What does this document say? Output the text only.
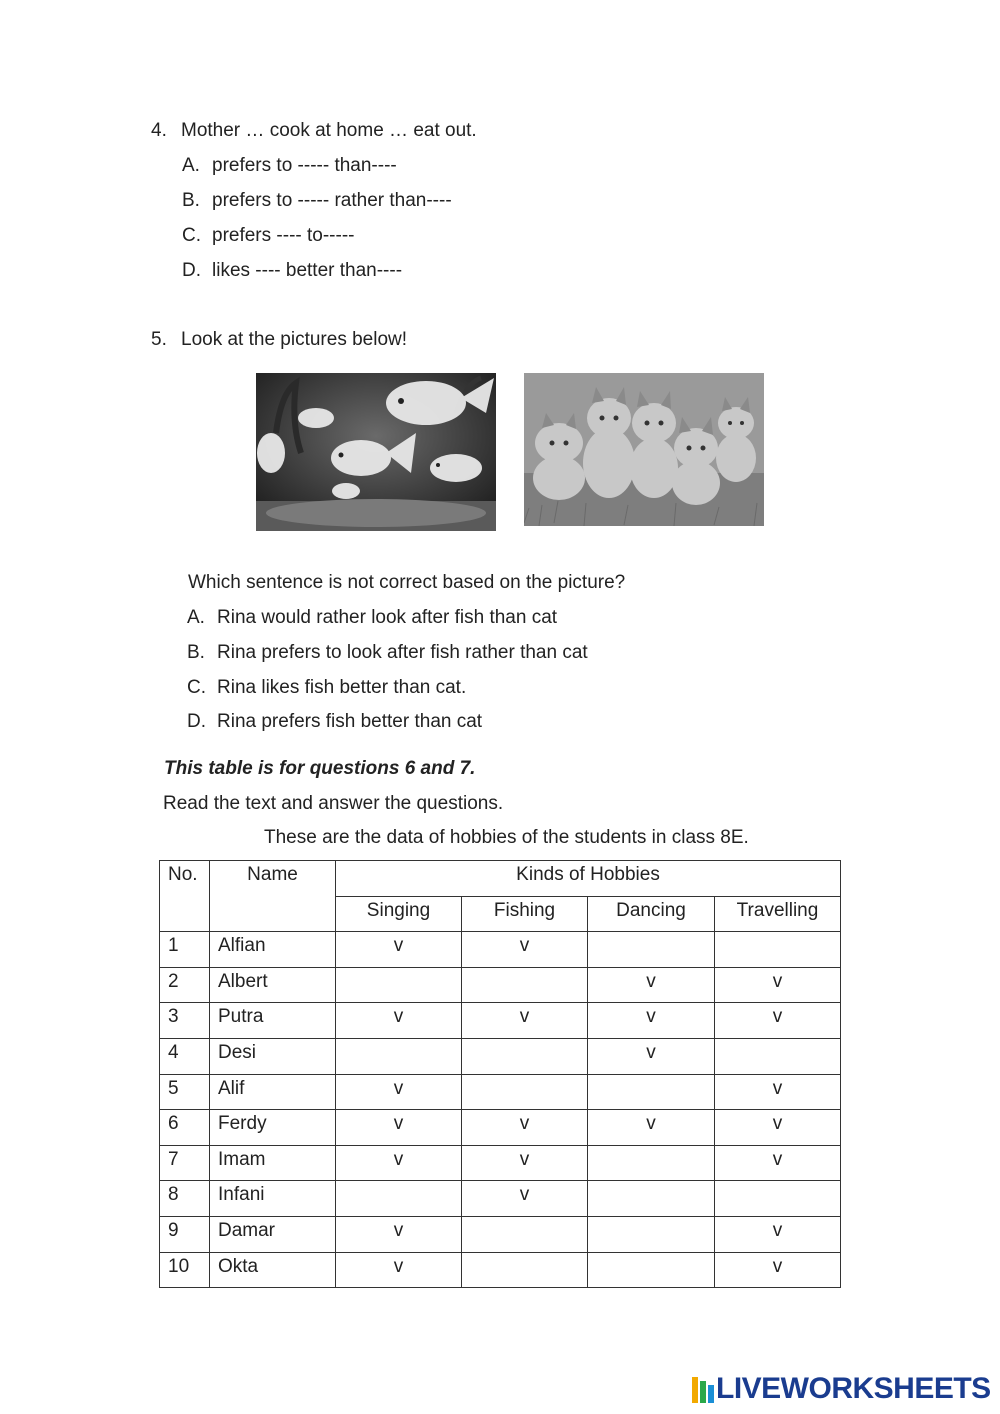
4. Mother … cook at home … eat out.
A. prefers to ----- than----
B. prefers to ----- rather than----
C. prefers ---- to-----
D. likes ---- better than----
5. Look at the pictures below!
Which sentence is not correct based on the picture?
A. Rina would rather look after fish than cat
B. Rina prefers to look after fish rather than cat
C. Rina likes fish better than cat.
D. Rina prefers fish better than cat
This table is for questions 6 and 7.
Read the text and answer the questions.
These are the data of hobbies of the students in class 8E.
No.	Name	Kinds of Hobbies			
		Singing	Fishing	Dancing	Travelling
1	Alfian	v	v		
2	Albert			v	v
3	Putra	v	v	v	v
4	Desi			v	
5	Alif	v			v
6	Ferdy	v	v	v	v
7	Imam	v	v		v
8	Infani		v		
9	Damar	v			v
10	Okta	v			v
LIVEWORKSHEETS
